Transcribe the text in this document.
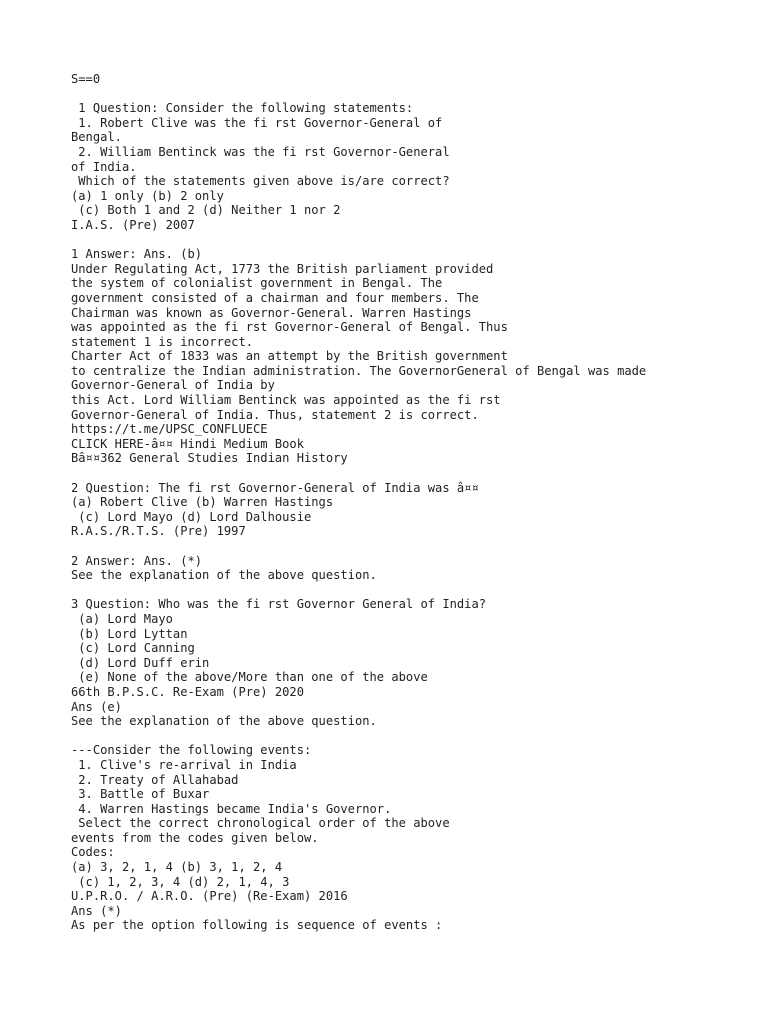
S==0
1 Question: Consider the following statements:
1. Robert Clive was the fi rst Governor-General of
Bengal.
2. William Bentinck was the fi rst Governor-General
of India.
Which of the statements given above is/are correct?
(a) 1 only (b) 2 only
(c) Both 1 and 2 (d) Neither 1 nor 2
I.A.S. (Pre) 2007
1 Answer: Ans. (b)
Under Regulating Act, 1773 the British parliament provided
the system of colonialist government in Bengal. The
government consisted of a chairman and four members. The
Chairman was known as Governor-General. Warren Hastings
was appointed as the fi rst Governor-General of Bengal. Thus
statement 1 is incorrect.
Charter Act of 1833 was an attempt by the British government
to centralize the Indian administration. The GovernorGeneral of Bengal was made
Governor-General of India by
this Act. Lord William Bentinck was appointed as the fi rst
Governor-General of India. Thus, statement 2 is correct.
https://t.me/UPSC_CONFLUECE
CLICK HERE-â¤¤ Hindi Medium Book
Bâ¤¤362 General Studies Indian History
2 Question: The fi rst Governor-General of India was â¤¤
(a) Robert Clive (b) Warren Hastings
(c) Lord Mayo (d) Lord Dalhousie
R.A.S./R.T.S. (Pre) 1997
2 Answer: Ans. (*)
See the explanation of the above question.
3 Question: Who was the fi rst Governor General of India?
(a) Lord Mayo
(b) Lord Lyttan
(c) Lord Canning
(d) Lord Duff erin
(e) None of the above/More than one of the above
66th B.P.S.C. Re-Exam (Pre) 2020
Ans (e)
See the explanation of the above question.
---Consider the following events:
1. Clive's re-arrival in India
2. Treaty of Allahabad
3. Battle of Buxar
4. Warren Hastings became India's Governor.
Select the correct chronological order of the above
events from the codes given below.
Codes:
(a) 3, 2, 1, 4 (b) 3, 1, 2, 4
(c) 1, 2, 3, 4 (d) 2, 1, 4, 3
U.P.R.O. / A.R.O. (Pre) (Re-Exam) 2016
Ans (*)
As per the option following is sequence of events :
